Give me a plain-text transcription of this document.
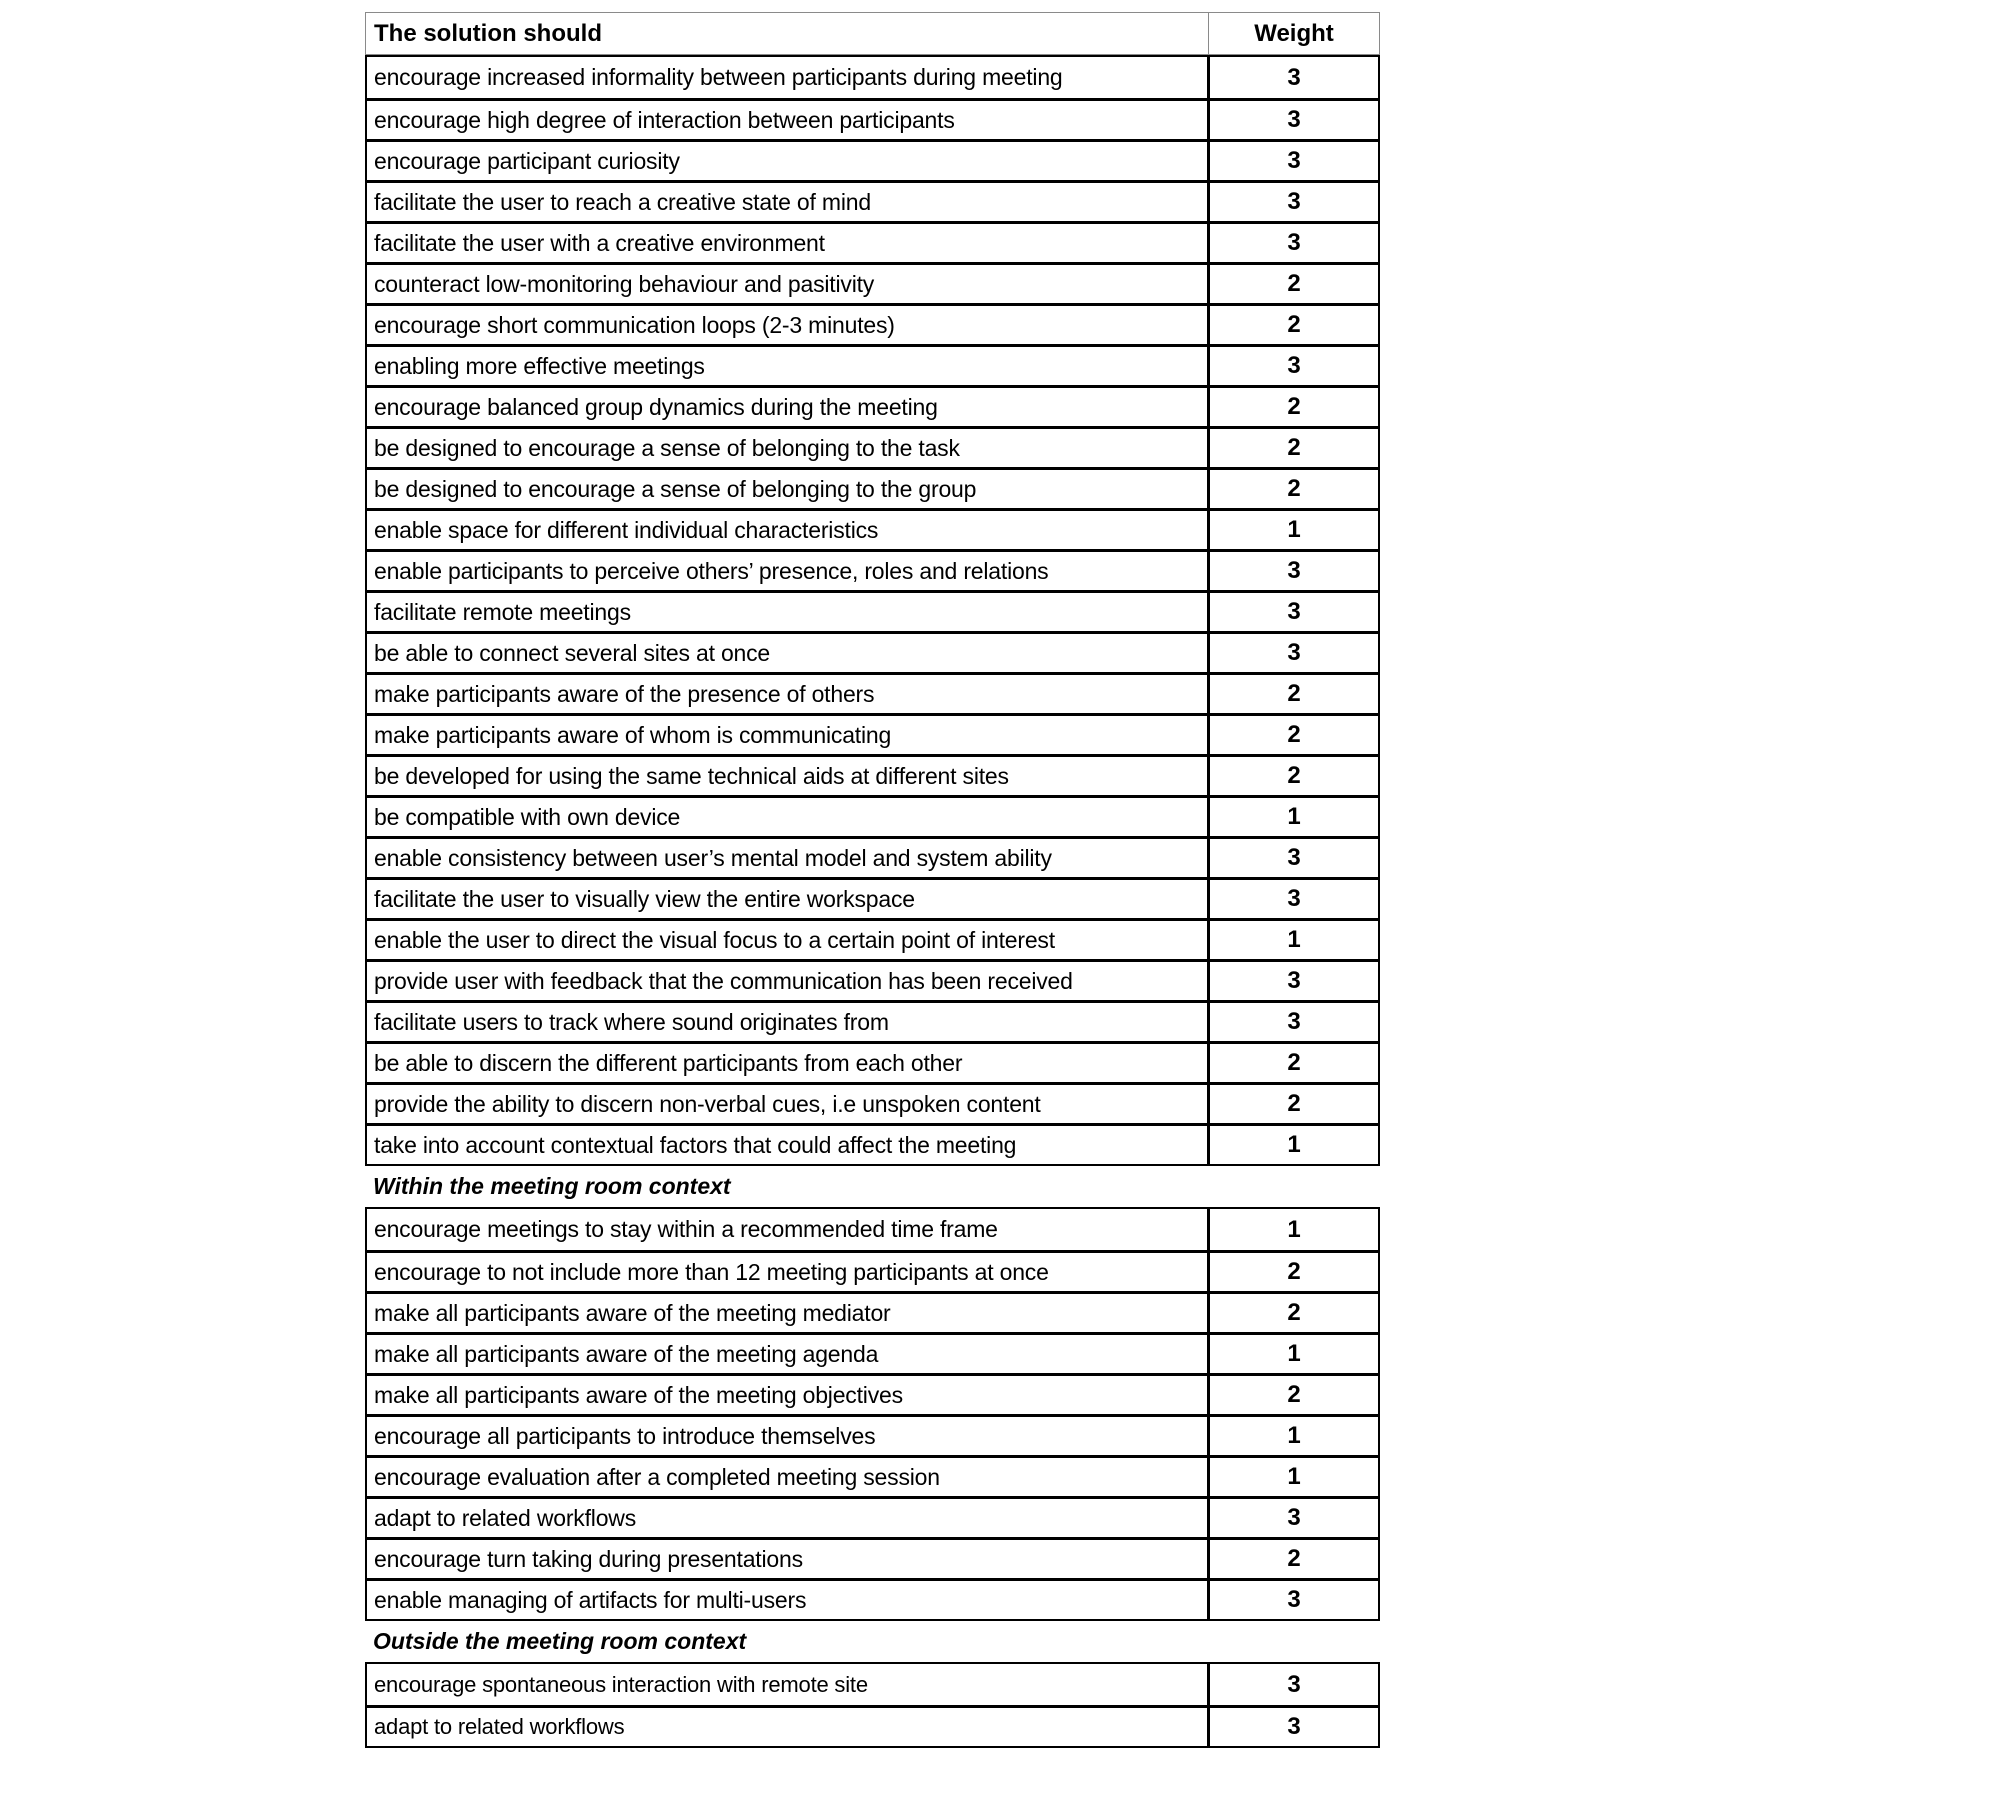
The solution should	Weight
encourage increased informality between participants during meeting	3
encourage high degree of interaction between participants	3
encourage participant curiosity	3
facilitate the user to reach a creative state of mind	3
facilitate the user with a creative environment	3
counteract low-monitoring behaviour and pasitivity	2
encourage short communication loops (2-3 minutes)	2
enabling more effective meetings	3
encourage balanced group dynamics during the meeting	2
be designed to encourage a sense of belonging to the task	2
be designed to encourage a sense of belonging to the group	2
enable space for different individual characteristics	1
enable participants to perceive others’ presence, roles and relations	3
facilitate remote meetings	3
be able to connect several sites at once	3
make participants aware of the presence of others	2
make participants aware of whom is communicating	2
be developed for using the same technical aids at different sites	2
be compatible with own device	1
enable consistency between user’s mental model and system ability	3
facilitate the user to visually view the entire workspace	3
enable the user to direct the visual focus to a certain point of interest	1
provide user with feedback that the communication has been received	3
facilitate users to track where sound originates from	3
be able to discern the different participants from each other	2
provide the ability to discern non-verbal cues, i.e unspoken content	2
take into account contextual factors that could affect the meeting	1
Within the meeting room context
encourage meetings to stay within a recommended time frame	1
encourage to not include more than 12 meeting participants at once	2
make all participants aware of the meeting mediator	2
make all participants aware of the meeting agenda	1
make all participants aware of the meeting objectives	2
encourage all participants to introduce themselves	1
encourage evaluation after a completed meeting session	1
adapt to related workflows	3
encourage turn taking during presentations	2
enable managing of artifacts for multi-users	3
Outside the meeting room context
encourage spontaneous interaction with remote site	3
adapt to related workflows	3
